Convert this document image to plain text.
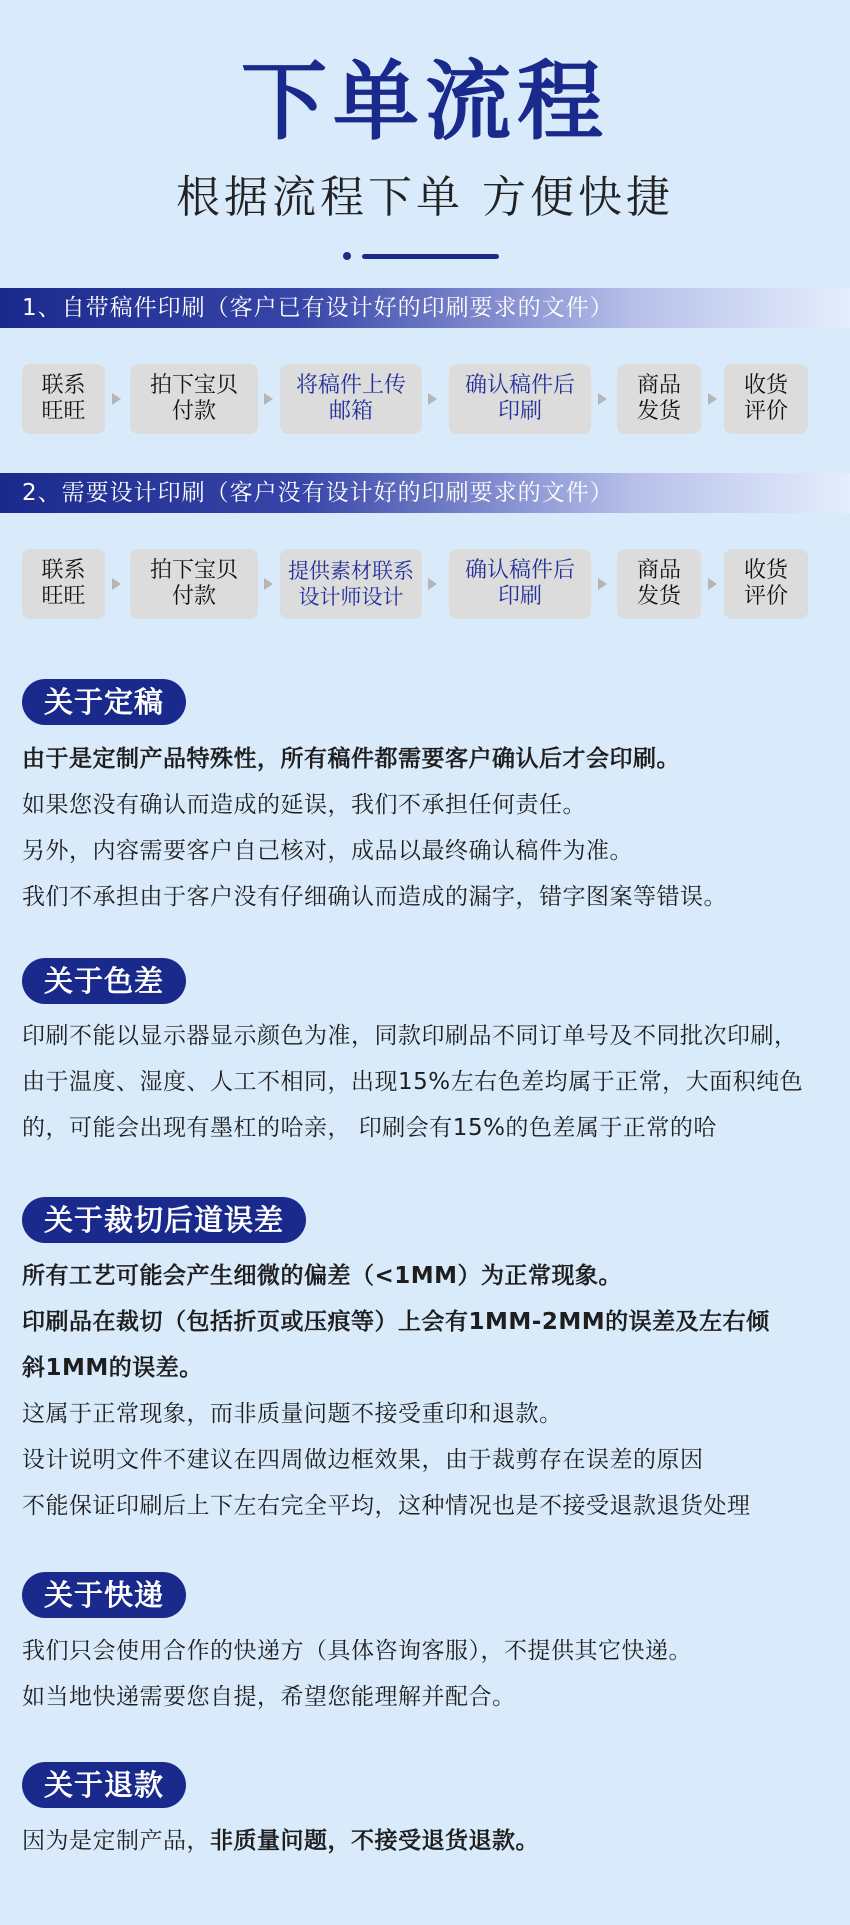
下单流程
根据流程下单 方便快捷
1、自带稿件印刷（客户已有设计好的印刷要求的文件）
联系
旺旺
拍下宝贝
付款
将稿件上传
邮箱
确认稿件后
印刷
商品
发货
收货
评价
2、需要设计印刷（客户没有设计好的印刷要求的文件）
联系
旺旺
拍下宝贝
付款
提供素材联系
设计师设计
确认稿件后
印刷
商品
发货
收货
评价
关于定稿

由于是定制产品特殊性，所有稿件都需要客户确认后才会印刷。

如果您没有确认而造成的延误，我们不承担任何责任。

另外，内容需要客户自己核对，成品以最终确认稿件为准。

我们不承担由于客户没有仔细确认而造成的漏字，错字图案等错误。

关于色差

印刷不能以显示器显示颜色为准，同款印刷品不同订单号及不同批次印刷，

由于温度、湿度、人工不相同，出现15%左右色差均属于正常，大面积纯色

的，可能会出现有墨杠的哈亲， 印刷会有15%的色差属于正常的哈

关于裁切后道误差

所有工艺可能会产生细微的偏差（<1MM）为正常现象。

印刷品在裁切（包括折页或压痕等）上会有1MM-2MM的误差及左右倾

斜1MM的误差。

这属于正常现象，而非质量问题不接受重印和退款。

设计说明文件不建议在四周做边框效果，由于裁剪存在误差的原因

不能保证印刷后上下左右完全平均，这种情况也是不接受退款退货处理

关于快递

我们只会使用合作的快递方（具体咨询客服），不提供其它快递。

如当地快递需要您自提，希望您能理解并配合。

关于退款

因为是定制产品，非质量问题，不接受退货退款。
